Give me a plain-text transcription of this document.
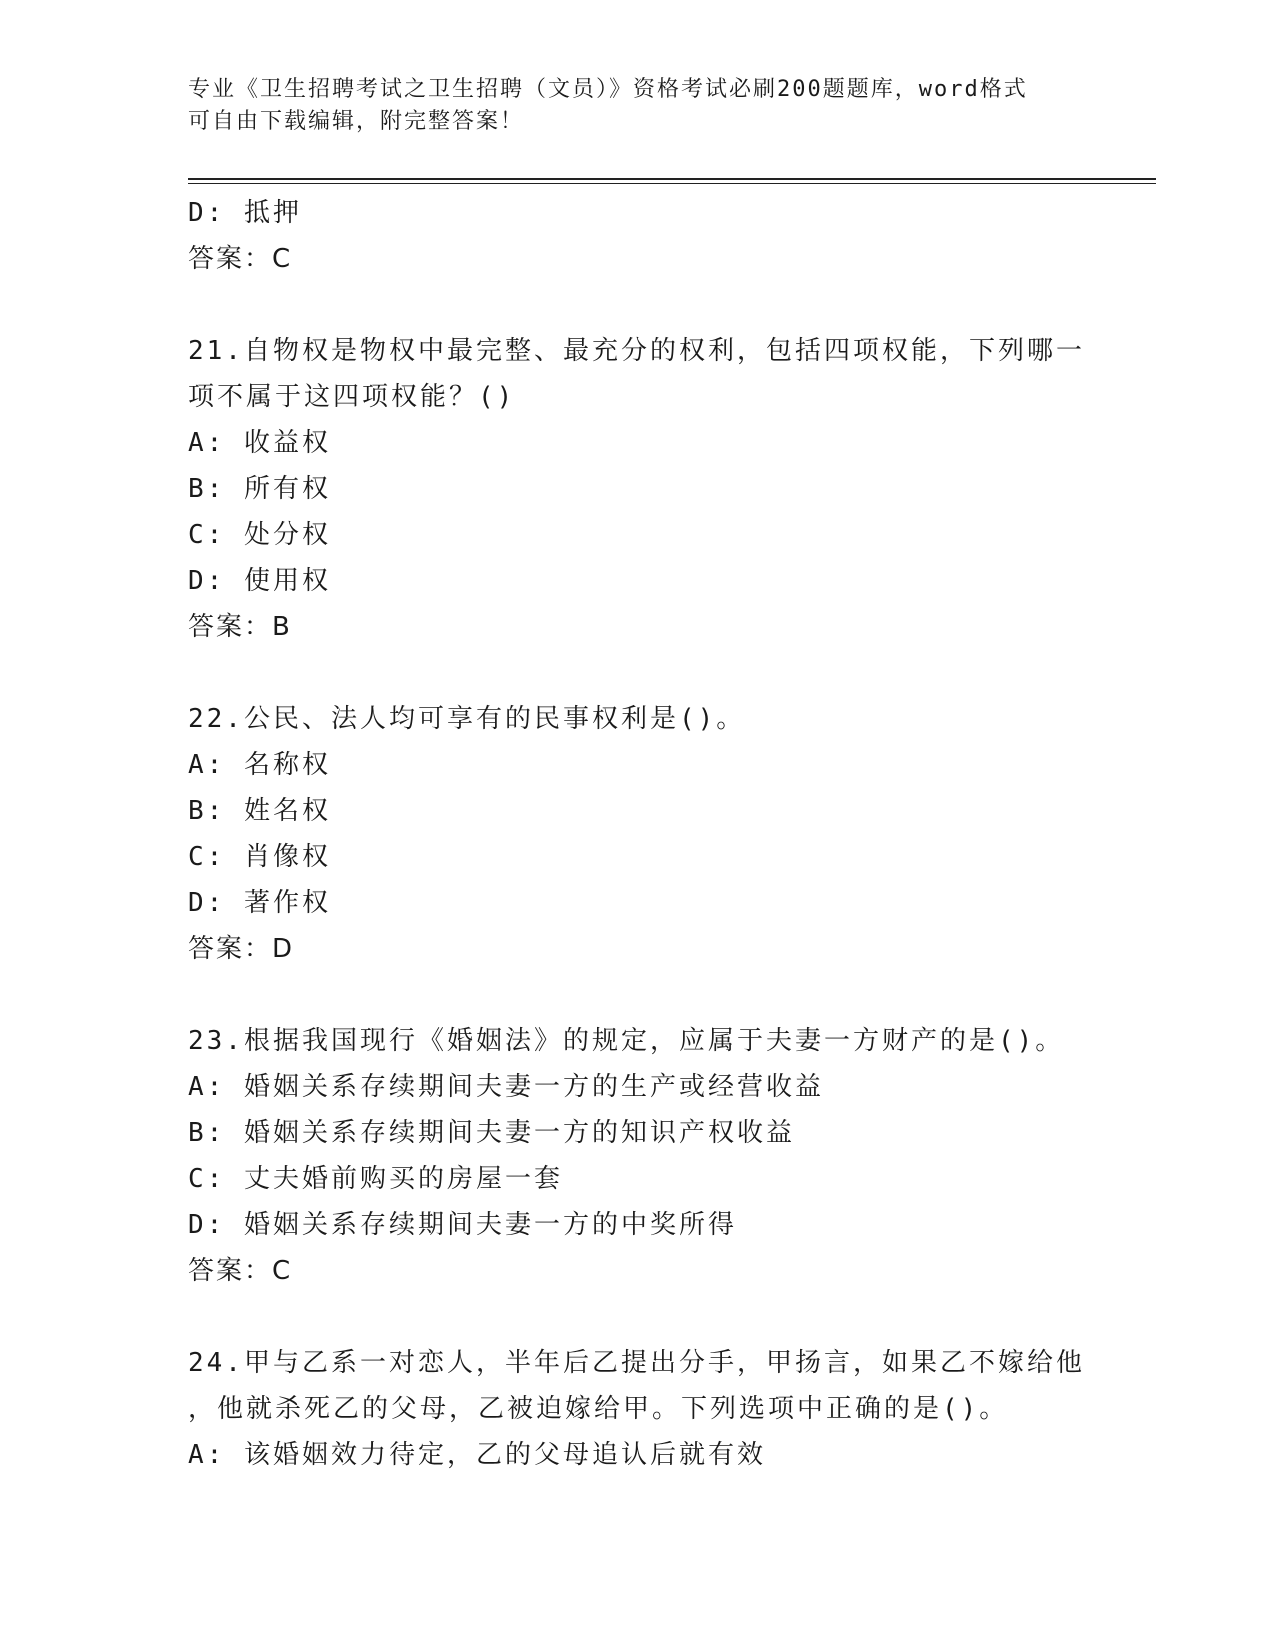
专业《卫生招聘考试之卫生招聘（文员）》资格考试必刷200题题库，word格式
可自由下载编辑，附完整答案！
D: 抵押
答案：C
21.自物权是物权中最完整、最充分的权利，包括四项权能，下列哪一
项不属于这四项权能？()
A: 收益权
B: 所有权
C: 处分权
D: 使用权
答案：B
22.公民、法人均可享有的民事权利是()。
A: 名称权
B: 姓名权
C: 肖像权
D: 著作权
答案：D
23.根据我国现行《婚姻法》的规定，应属于夫妻一方财产的是()。
A: 婚姻关系存续期间夫妻一方的生产或经营收益
B: 婚姻关系存续期间夫妻一方的知识产权收益
C: 丈夫婚前购买的房屋一套
D: 婚姻关系存续期间夫妻一方的中奖所得
答案：C
24.甲与乙系一对恋人，半年后乙提出分手，甲扬言，如果乙不嫁给他
，他就杀死乙的父母，乙被迫嫁给甲。下列选项中正确的是()。
A: 该婚姻效力待定，乙的父母追认后就有效
